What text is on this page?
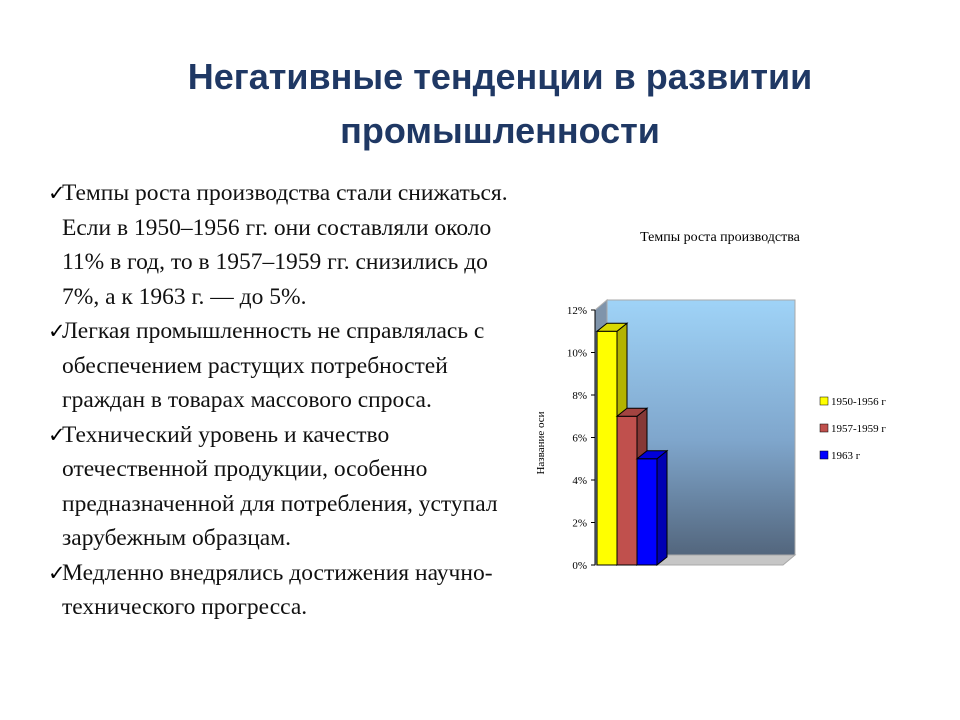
Негативные тенденции в развитии
промышленности
✓
Темпы роста производства стали снижаться. Если в 1950–1956 гг. они составляли около 11% в год, то в 1957–1959 гг. снизились до 7%, а к 1963 г. — до 5%.
✓
Легкая промышленность не справлялась с обеспечением растущих потребностей граждан в товарах массового спроса.
✓
Технический уровень и качество отечественной продукции, особенно предназначенной для потребления, уступал зарубежным образцам.
✓
Медленно внедрялись достижения научно-технического прогресса.
Темпы роста производства
Название оси
0%
2%
4%
6%
8%
10%
12%
1950-1956 г
1957-1959 г
1963 г
